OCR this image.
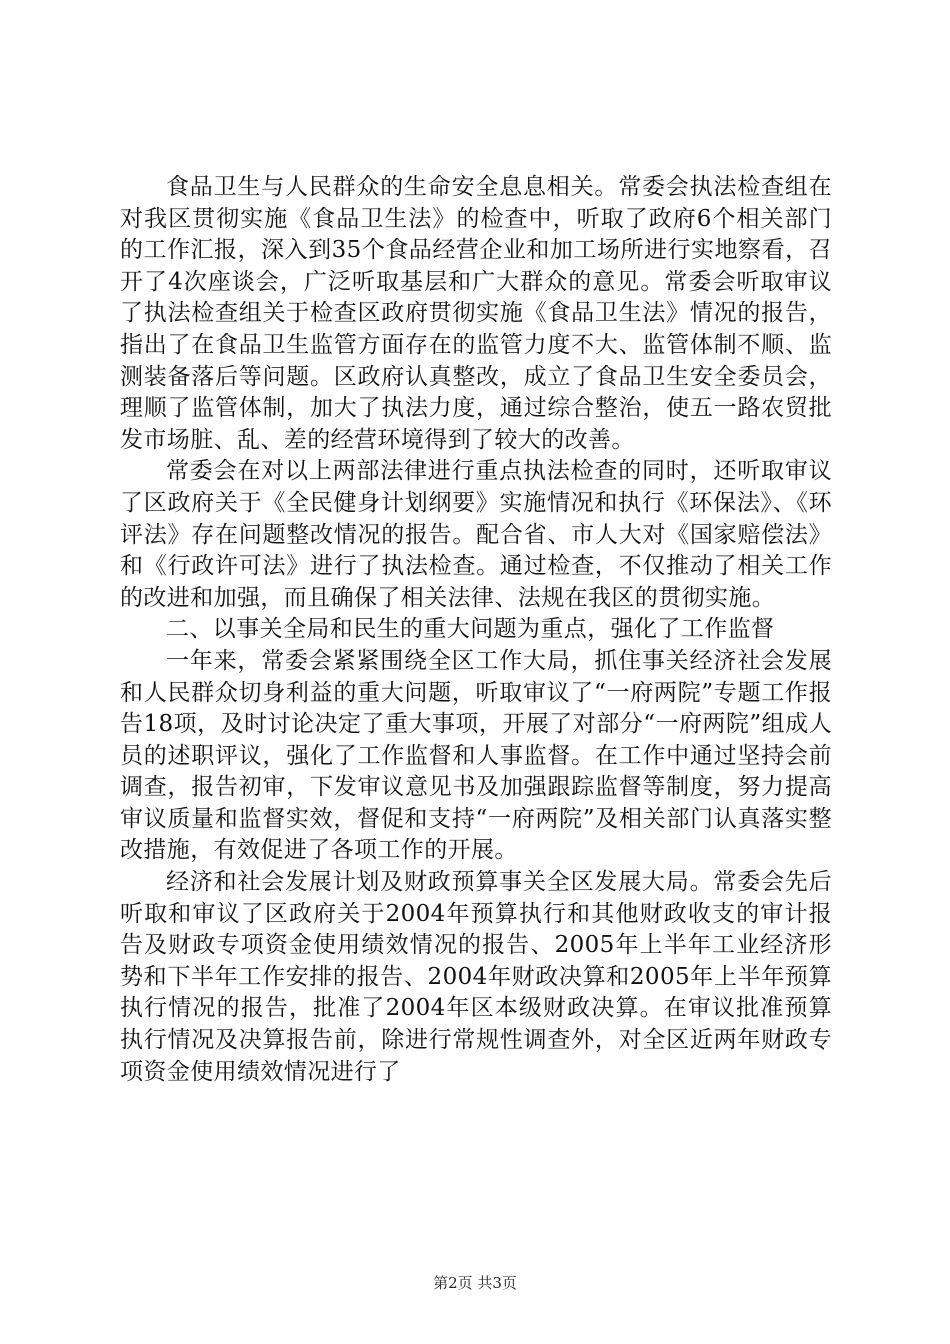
食品卫生与人民群众的生命安全息息相关。常委会执法检查组在对我区贯彻实施《食品卫生法》的检查中，听取了政府6个相关部门的工作汇报，深入到35个食品经营企业和加工场所进行实地察看，召开了4次座谈会，广泛听取基层和广大群众的意见。常委会听取审议了执法检查组关于检查区政府贯彻实施《食品卫生法》情况的报告，指出了在食品卫生监管方面存在的监管力度不大、监管体制不顺、监测装备落后等问题。区政府认真整改，成立了食品卫生安全委员会，理顺了监管体制，加大了执法力度，通过综合整治，使五一路农贸批发市场脏、乱、差的经营环境得到了较大的改善。

常委会在对以上两部法律进行重点执法检查的同时，还听取审议了区政府关于《全民健身计划纲要》实施情况和执行《环保法》、《环评法》存在问题整改情况的报告。配合省、市人大对《国家赔偿法》和《行政许可法》进行了执法检查。通过检查，不仅推动了相关工作的改进和加强，而且确保了相关法律、法规在我区的贯彻实施。

二、以事关全局和民生的重大问题为重点，强化了工作监督

一年来，常委会紧紧围绕全区工作大局，抓住事关经济社会发展和人民群众切身利益的重大问题，听取审议了“一府两院”专题工作报告18项，及时讨论决定了重大事项，开展了对部分“一府两院”组成人员的述职评议，强化了工作监督和人事监督。在工作中通过坚持会前调查，报告初审，下发审议意见书及加强跟踪监督等制度，努力提高审议质量和监督实效，督促和支持“一府两院”及相关部门认真落实整改措施，有效促进了各项工作的开展。

经济和社会发展计划及财政预算事关全区发展大局。常委会先后听取和审议了区政府关于2004年预算执行和其他财政收支的审计报告及财政专项资金使用绩效情况的报告、2005年上半年工业经济形势和下半年工作安排的报告、2004年财政决算和2005年上半年预算执行情况的报告，批准了2004年区本级财政决算。在审议批准预算执行情况及决算报告前，除进行常规性调查外，对全区近两年财政专项资金使用绩效情况进行了

第2页 共3页
